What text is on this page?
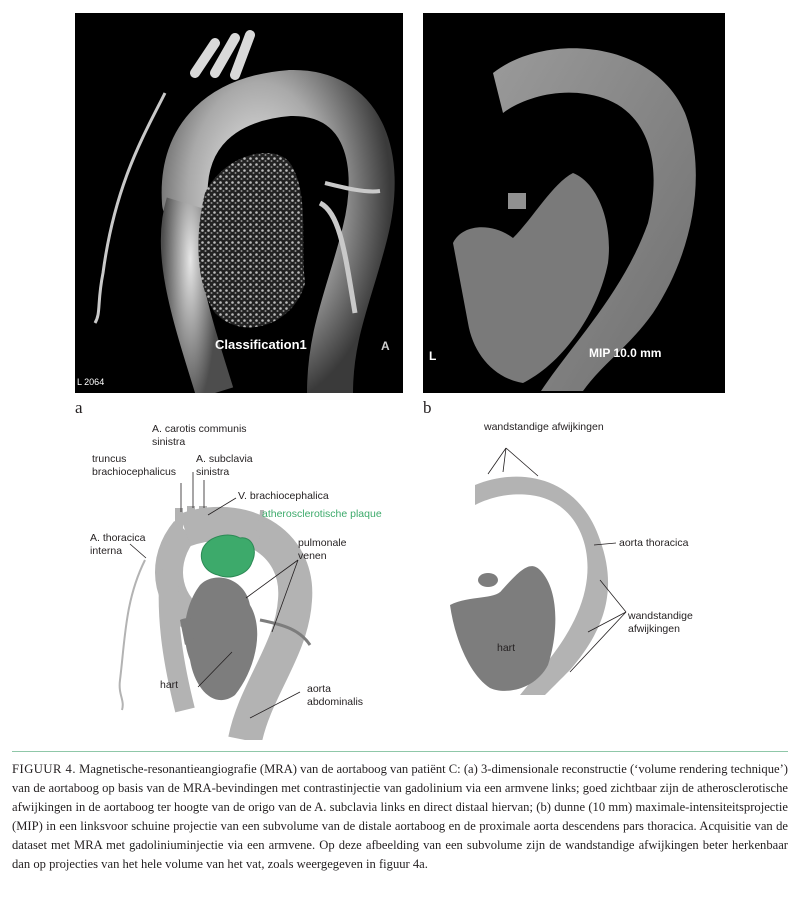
Classification1	A
L 2064
L	MIP 10.0 mm
a	b
A. carotis communis
sinistra
truncus
brachiocephalicus
A. subclavia
sinistra
V. brachiocephalica
atherosclerotische plaque
A. thoracica
interna
pulmonale
venen
hart	aorta
abdominalis
wandstandige afwijkingen
aorta thoracica
wandstandige
afwijkingen
hart
FIGUUR 4. Magnetische-resonantieangiografie (MRA) van de aortaboog van patiënt C: (a) 3-dimensionale reconstructie (‘volume rendering technique’) van de aortaboog op basis van de MRA-bevindingen met contrastinjectie van gadolinium via een armvene links; goed zichtbaar zijn de atherosclerotische afwijkingen in de aortaboog ter hoogte van de origo van de A. subclavia links en direct distaal hiervan; (b) dunne (10 mm) maximale-intensiteitsprojectie (MIP) in een linksvoor schuine projectie van een subvolume van de distale aortaboog en de proximale aorta descendens pars thoracica. Acquisitie van de dataset met MRA met gadoliniuminjectie via een armvene. Op deze afbeelding van een subvolume zijn de wandstandige afwijkingen beter herkenbaar dan op projecties van het hele volume van het vat, zoals weergegeven in figuur 4a.
